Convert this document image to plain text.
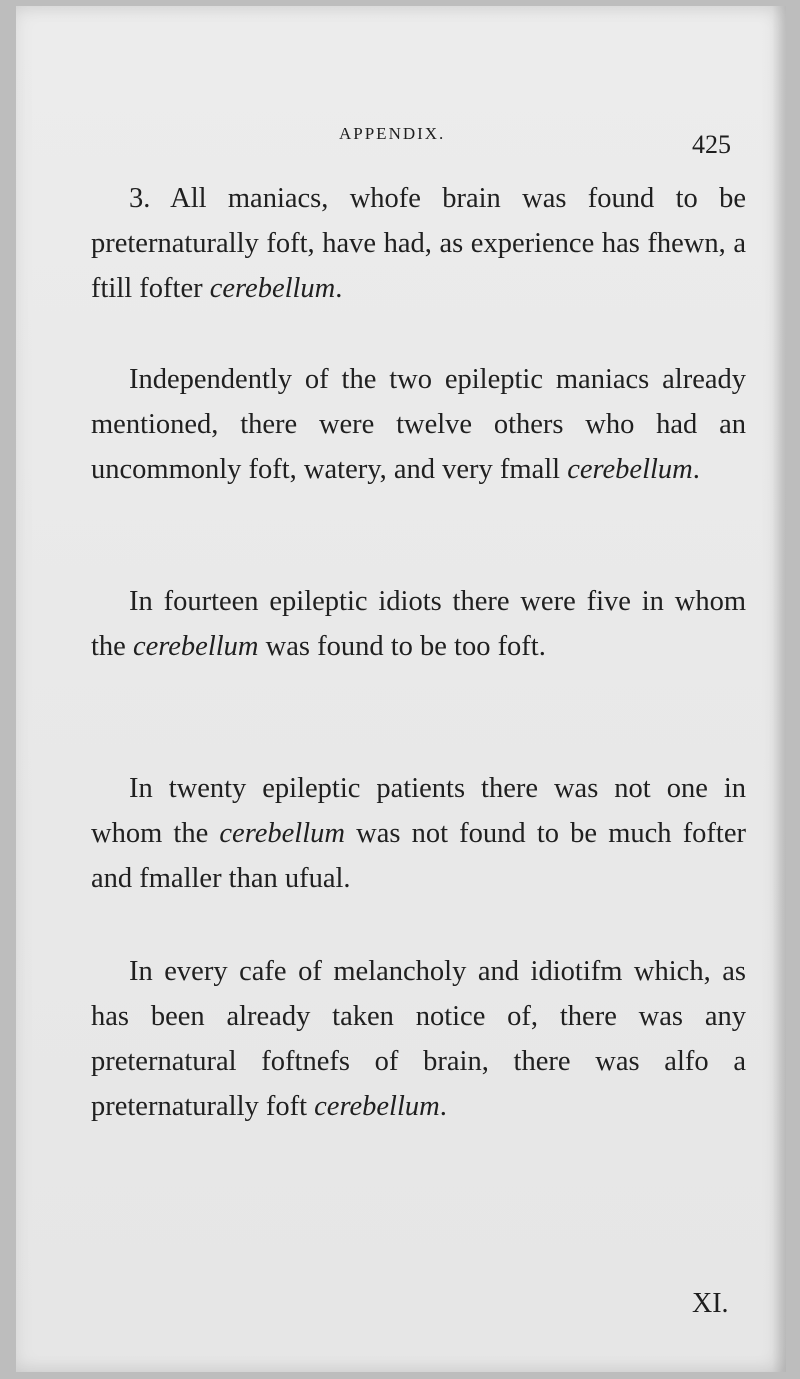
APPENDIX.	425

3. All maniacs, whofe brain was found to be preternaturally foft, have had, as experience has fhewn, a ftill fofter cerebellum.

Independently of the two epileptic maniacs already mentioned, there were twelve others who had an uncommonly foft, watery, and very fmall cerebellum.

In fourteen epileptic idiots there were five in whom the cerebellum was found to be too foft.

In twenty epileptic patients there was not one in whom the cerebellum was not found to be much fofter and fmaller than ufual.

In every cafe of melancholy and idiotifm which, as has been already taken notice of, there was any preternatural foftnefs of brain, there was alfo a preternaturally foft cerebellum.

XI.
